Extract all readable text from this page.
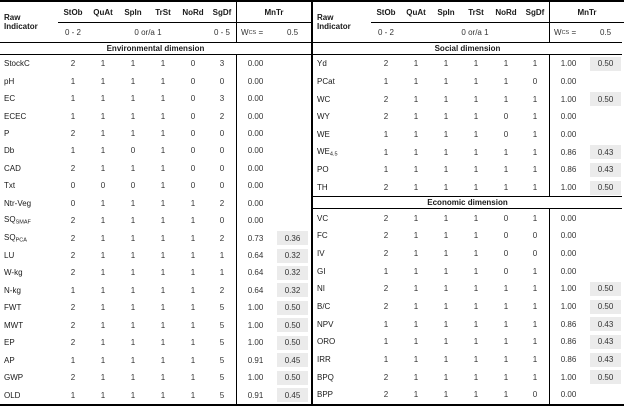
Raw
Indicator
StOb	QuAt	SpIn	TrSt	NoRd	SgDf	MnTr
0 - 2	0 or/a 1	0 - 5	W CS
=	0.5
Environmental dimension
StockC	2	1	1	1	0	3	0.00
pH	1	1	1	1	0	0	0.00
EC	1	1	1	1	0	3	0.00
ECEC	1	1	1	1	0	2	0.00
P	2	1	1	1	0	0	0.00
Db	1	1	0	1	0	0	0.00
CAD	2	1	1	1	0	0	0.00
Txt	0	0	0	1	0	0	0.00
Ntr-Veg	0	1	1	1	1	2	0.00
$SQ_{SMAF}$	2	1	1	1	1	0	0.00
$SQ_{PCA}$	2	1	1	1	1	2	0.73	0.36
LU	2	1	1	1	1	1	0.64	0.32
W-kg	2	1	1	1	1	1	0.64	0.32
N-kg	1	1	1	1	1	2	0.64	0.32
FWT	2	1	1	1	1	5	1.00	0.50
MWT	2	1	1	1	1	5	1.00	0.50
EP	2	1	1	1	1	5	1.00	0.50
AP	1	1	1	1	1	5	0.91	0.45
GWP	2	1	1	1	1	5	1.00	0.50
OLD	1	1	1	1	1	5	0.91	0.45
Raw
Indicator
StOb	QuAt	SpIn	TrSt	NoRd	SgDf	MnTr
0 - 2	0 or/a 1	W CS
=	0.5
Social dimension
Yd	2	1	1	1	1	1	1.00	0.50
PCat	1	1	1	1	1	0	0.00
WC	2	1	1	1	1	1	1.00	0.50
WY	2	1	1	1	0	1	0.00
WE	1	1	1	1	0	1	0.00
$WE_{4.5}$	1	1	1	1	1	1	0.86	0.43
PO	1	1	1	1	1	1	0.86	0.43
TH	2	1	1	1	1	1	1.00	0.50
Economic dimension
VC	2	1	1	1	0	1	0.00
FC	2	1	1	1	0	0	0.00
IV	2	1	1	1	0	0	0.00
GI	1	1	1	1	0	1	0.00
NI	2	1	1	1	1	1	1.00	0.50
B/C	2	1	1	1	1	1	1.00	0.50
NPV	1	1	1	1	1	1	0.86	0.43
ORO	1	1	1	1	1	1	0.86	0.43
IRR	1	1	1	1	1	1	0.86	0.43
BPQ	2	1	1	1	1	1	1.00	0.50
BPP	2	1	1	1	1	0	0.00
